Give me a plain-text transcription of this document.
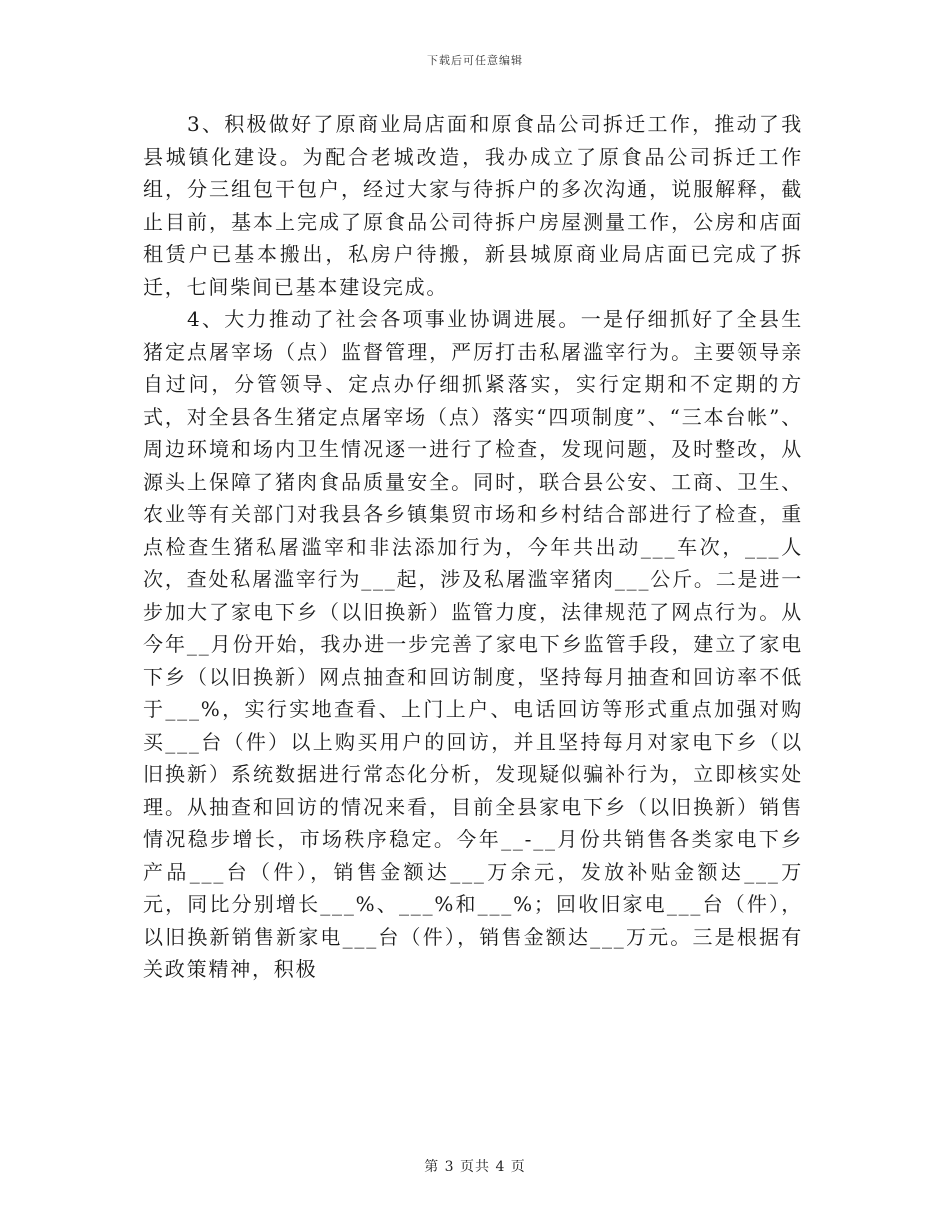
下载后可任意编辑

3、积极做好了原商业局店面和原食品公司拆迁工作，推动了我县城镇化建设。为配合老城改造，我办成立了原食品公司拆迁工作组，分三组包干包户，经过大家与待拆户的多次沟通，说服解释，截止目前，基本上完成了原食品公司待拆户房屋测量工作，公房和店面租赁户已基本搬出，私房户待搬，新县城原商业局店面已完成了拆迁，七间柴间已基本建设完成。

4、大力推动了社会各项事业协调进展。一是仔细抓好了全县生猪定点屠宰场（点）监督管理，严厉打击私屠滥宰行为。主要领导亲自过问，分管领导、定点办仔细抓紧落实，实行定期和不定期的方式，对全县各生猪定点屠宰场（点）落实“四项制度”、“三本台帐”、周边环境和场内卫生情况逐一进行了检查，发现问题，及时整改，从源头上保障了猪肉食品质量安全。同时，联合县公安、工商、卫生、农业等有关部门对我县各乡镇集贸市场和乡村结合部进行了检查，重点检查生猪私屠滥宰和非法添加行为，今年共出动___车次，___人次，查处私屠滥宰行为___起，涉及私屠滥宰猪肉___公斤。二是进一步加大了家电下乡（以旧换新）监管力度，法律规范了网点行为。从今年__月份开始，我办进一步完善了家电下乡监管手段，建立了家电下乡（以旧换新）网点抽查和回访制度，坚持每月抽查和回访率不低于___%，实行实地查看、上门上户、电话回访等形式重点加强对购买___台（件）以上购买用户的回访，并且坚持每月对家电下乡（以旧换新）系统数据进行常态化分析，发现疑似骗补行为，立即核实处理。从抽查和回访的情况来看，目前全县家电下乡（以旧换新）销售情况稳步增长，市场秩序稳定。今年__-__月份共销售各类家电下乡产品___台（件），销售金额达___万余元，发放补贴金额达___万元，同比分别增长___%、___%和___%；回收旧家电___台（件），以旧换新销售新家电___台（件），销售金额达___万元。三是根据有关政策精神，积极

第 3 页共 4 页
